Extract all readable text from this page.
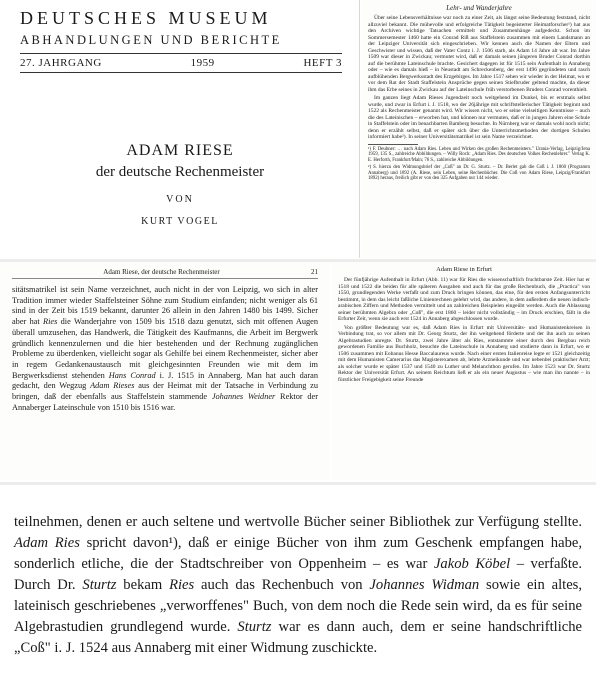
DEUTSCHES MUSEUM
ABHANDLUNGEN UND BERICHTE
27. JAHRGANG	1959	HEFT 3
ADAM RIESE
der deutsche Rechenmeister
VON
KURT VOGEL
Lehr- und Wanderjahre

Über seine Lebensverhältnisse war noch zu einer Zeit, als längst seine Bedeutung feststand, nicht allzuviel bekannt. Die mühevolle und erfolgreiche Tätigkeit begeisterter Heimatforscher¹) hat aus den Archiven wichtige Tatsachen ermittelt und Zusammenhänge aufgedeckt. Schon im Sommersemester 1460 hatte ein Conrad Riß aus Staffelstein zusammen mit einem Landsmann an der Leipziger Universität sich eingeschrieben. Wir kennen auch die Namen der Eltern und Geschwister und wissen, daß der Vater Contz i. J. 1506 starb, als Adam 14 Jahre alt war. Im Jahre 1509 war dieser in Zwickau; vermutet wird, daß er damals seinen jüngeren Bruder Conrad dorthin auf die berühmte Lateinschule brachte. Gesichert dagegen ist für 1515 sein Aufenthalt in Annaberg oder – wie es damals hieß – in Neustadt am Schreckenberg, der erst 1496 gegründeten und rasch aufblühenden Bergwerksstadt des Erzgebirges. Im Jahre 1517 sehen wir wieder in der Heimat, wo er vor dem Rat der Stadt Staffelstein Ansprüche gegen seinen Stiefbruder geltend machte, da dieser ihm das Erbe seines in Zwickau auf der Lateinschule früh verstorbenen Bruders Conrad vorenthielt.

Im ganzen liegt Adam Rieses Jugendzeit noch weitgehend im Dunkel, bis er erstmals selbst wurde, und zwar in Erfurt i. J. 1518, wo der 26jährige mit schriftstellerischer Tätigkeit beginnt und 1522 als Rechenmeister genannt wird. Wir wissen nicht, wo er seine vielseitigen Kenntnisse – auch die des Lateinischen – erworben hat, und können nur vermuten, daß er in jungen Jahren eine Schule in Staffelstein oder im benachbarten Bamberg besuchte. In Nürnberg war er damals wohl noch nicht; denn er erzählt selbst, daß er später sich über die Unterrichtsmethoden der dortigen Schulen informiert habe²). In seiner Universitätsmatrikel ist sein Name verzeichnet.

¹) F. Deubner: … nach Adam Ries. Leben und Wirken des großen Rechenmeisters." Urania-Verlag, Leipzig/Jena 1959, 135 S., zahlreiche Abbildungen. – Willy Roch: „Adam Ries. Des deutschen Volkes Rechenlehrer." Verlag K. E. Herforth, Frankfurt/Main; 76 S., zahlreiche Abbildungen.

²) S. hierzu den Widmungsbrief der „Coß" an Dr. G. Sturtz. – Dr. Berlet gab die Coß i. J. 1860 (Programm Annaberg) und 1892 (A. Riese, sein Leben, seine Rechenbücher. Die Coß von Adam Riese, Leipzig/Frankfurt 1892) heraus, freilich gibt er von den 325 Aufgaben nur 144 wieder.

Adam Riese, der deutsche Rechenmeister	21

sitätsmatrikel ist sein Name verzeichnet, auch nicht in der von Leipzig, wo sich in alter Tradition immer wieder Staffelsteiner Söhne zum Studium einfanden; nicht weniger als 61 sind in der Zeit bis 1519 bekannt, darunter 26 allein in den Jahren 1480 bis 1499. Sicher aber hat Ries die Wanderjahre von 1509 bis 1518 dazu genutzt, sich mit offenen Augen überall umzusehen, das Handwerk, die Tätigkeit des Kaufmanns, die Arbeit im Bergwerk gründlich kennenzulernen und die hier bestehenden und der Rechnung zugänglichen Probleme zu überdenken, vielleicht sogar als Gehilfe bei einem Rechenmeister, sicher aber in regem Gedankenaustausch mit gleichgesinnten Freunden wie mit dem im Bergwerksdienst stehenden Hans Conrad i. J. 1515 in Annaberg. Man hat auch daran gedacht, den Wegzug Adam Rieses aus der Heimat mit der Tatsache in Verbindung zu bringen, daß der ebenfalls aus Staffelstein stammende Johannes Weidner Rektor der Annaberger Lateinschule von 1510 bis 1516 war.

Adam Riese in Erfurt

Der fünfjährige Aufenthalt in Erfurt (Abb. 11) war für Ries die wissenschaftlich fruchtbarste Zeit. Hier hat er 1518 und 1522 die beiden für alle späteren Ausgaben und auch für das große Rechenbuch, die „Practica" von 1550, grundlegenden Werke verfaßt und zum Druck bringen können, das eine, für den ersten Anfangsunterricht bestimmt, in dem das leicht faßliche Linienrechnen gelehrt wird, das andere, in dem außerdem die neuen indisch-arabischen Ziffern und Methoden vermittelt und an zahlreichen Beispielen eingeübt werden. Auch die Ablassung seiner berühmten Algebra oder „Coß", die erst 1860 – leider nicht vollständig – im Druck erschien, fällt in die Erfurter Zeit, wenn sie auch erst 1524 in Annaberg abgeschlossen wurde.

Von größter Bedeutung war es, daß Adam Ries in Erfurt mit Universitäts- und Humanistenkreisen in Verbindung trat, so vor allem mit Dr. Georg Sturtz, der ihn weitgehend förderte und der ihn auch zu seinen Algebrastudien anregte. Dr. Sturtz, zwei Jahre älter als Ries, entstammte einer durch den Bergbau reich gewordenen Familie aus Buchholz, besuchte die Lateinschule in Annaberg und studierte dann in Erfurt, wo er 1506 zusammen mit Eobanus Hesse Baccalaureus wurde. Nach einer ersten Italienreise legte er 1521 gleichzeitig mit dem Humanisten Camerarius das Magisterexamen ab, lehrte Arzneikunde und war nebenbei praktischer Arzt; als solcher wurde er später 1537 und 1540 zu Luther und Melanchthon gerufen. Im Jahre 1523 war Dr. Sturtz Rektor der Universität Erfurt. An seinem Reichtum ließ er als ein neuer Augustus – wie man ihn nannte – in fürstlicher Freigebigkeit seine Freunde

teilnehmen, denen er auch seltene und wertvolle Bücher seiner Bibliothek zur Verfügung stellte. Adam Ries spricht davon¹), daß er einige Bücher von ihm zum Geschenk empfangen habe, sonderlich etliche, die der Stadtschreiber von Oppenheim – es war Jakob Köbel – verfaßte. Durch Dr. Sturtz bekam Ries auch das Rechenbuch von Johannes Widman sowie ein altes, lateinisch geschriebenes „verworffenes" Buch, von dem noch die Rede sein wird, da es für seine Algebrastudien grundlegend wurde. Sturtz war es dann auch, dem er seine handschriftliche „Coß" i. J. 1524 aus Annaberg mit einer Widmung zuschickte.
